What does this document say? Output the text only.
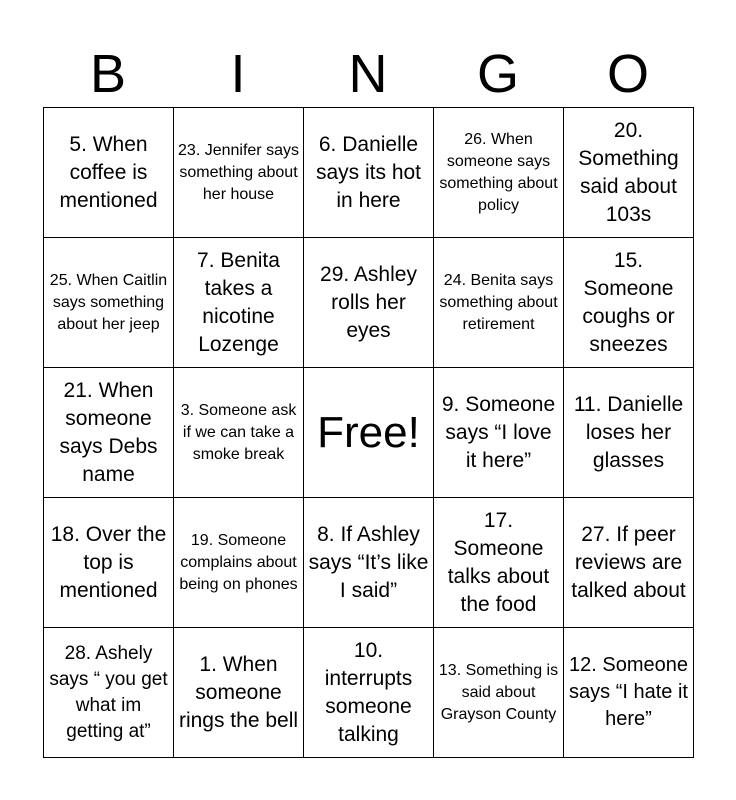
B	I	N	G	O
5. When coffee is mentioned	23. Jennifer says something about her house	6. Danielle says its hot in here	26. When someone says something about policy	20. Something said about 103s
25. When Caitlin says something about her jeep	7. Benita takes a nicotine Lozenge	29. Ashley rolls her eyes	24. Benita says something about retirement	15. Someone coughs or sneezes
21. When someone says Debs name	3. Someone ask if we can take a smoke break	Free!	9. Someone says “I love it here”	11. Danielle loses her glasses
18. Over the top is mentioned	19. Someone complains about being on phones	8. If Ashley says “It’s like I said”	17. Someone talks about the food	27. If peer reviews are talked about
28. Ashely says “ you get what im getting at”	1. When someone rings the bell	10. interrupts someone talking	13. Something is said about Grayson County	12. Someone says “I hate it here”
